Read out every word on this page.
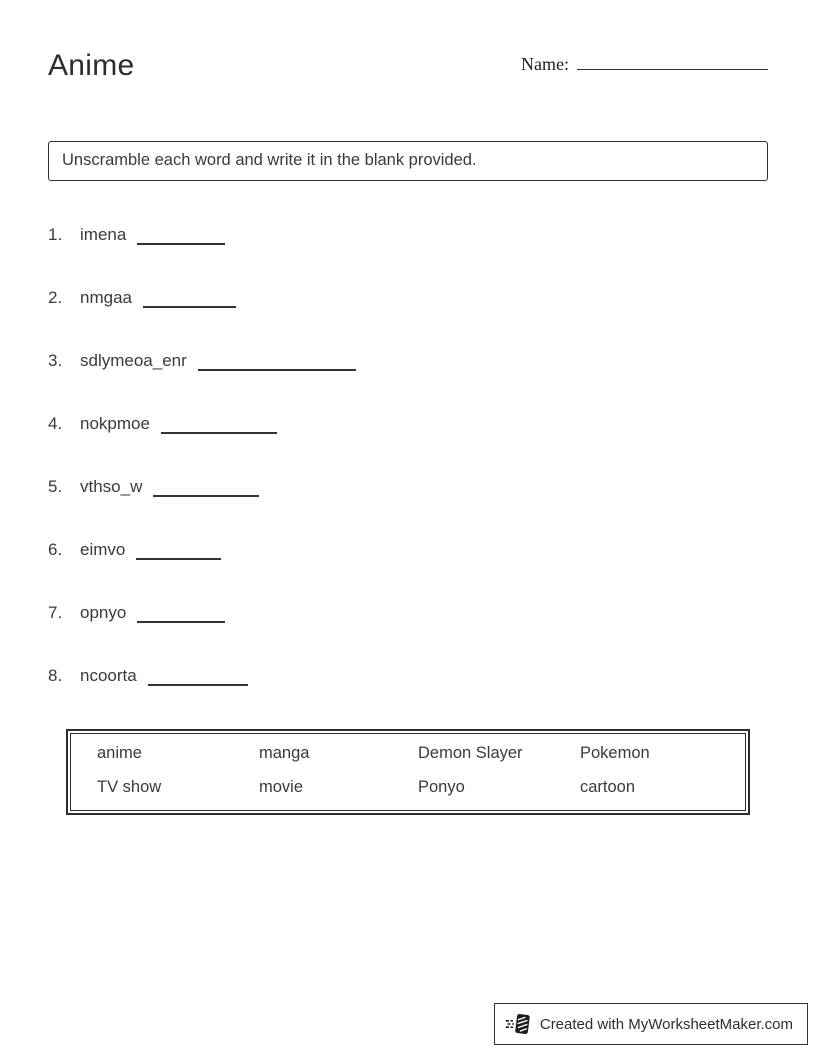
Anime	Name:
Unscramble each word and write it in the blank provided.
1. imena
2. nmgaa
3. sdlymeoa_enr
4. nokpmoe
5. vthso_w
6. eimvo
7. opnyo
8. ncoorta
anime	manga	Demon Slayer	Pokemon
TV show	movie	Ponyo	cartoon
Created with MyWorksheetMaker.com
